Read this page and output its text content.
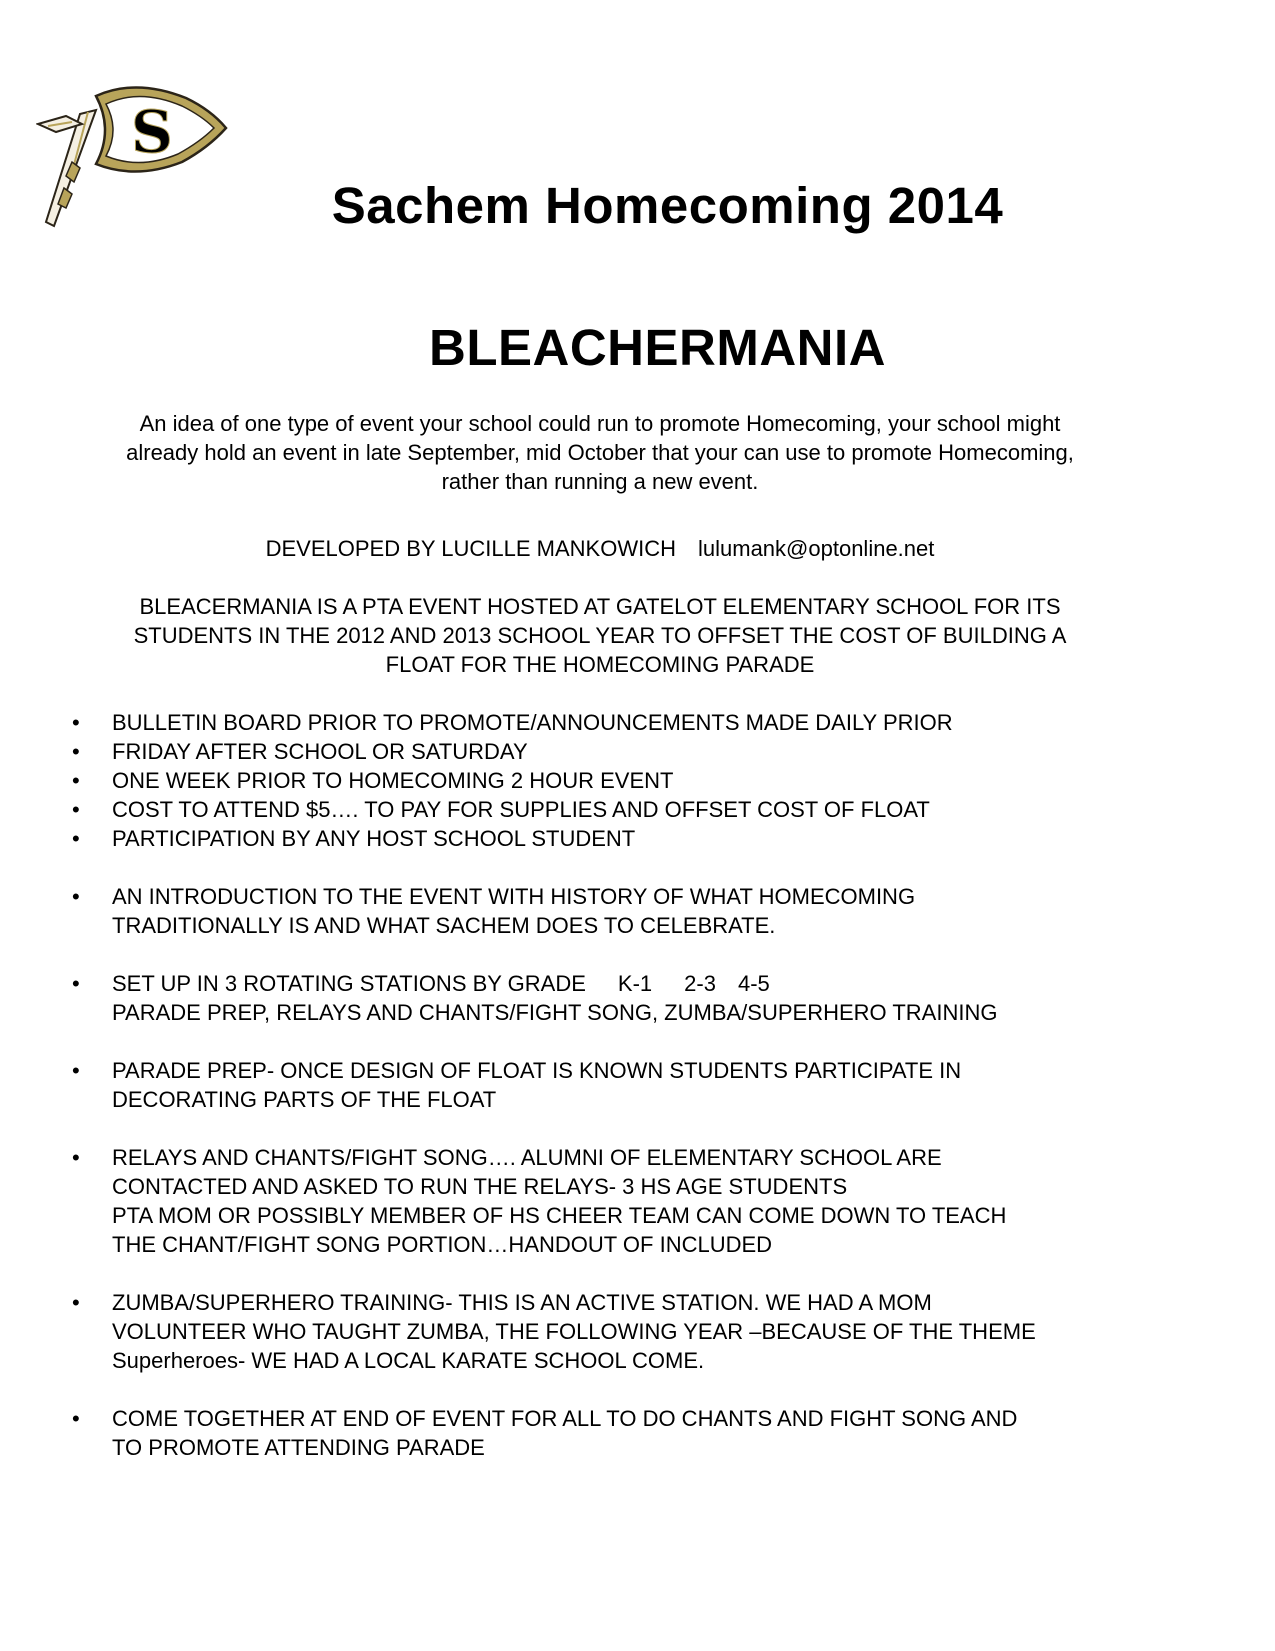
S
Sachem Homecoming 2014
BLEACHERMANIA

An idea of one type of event your school could run to promote Homecoming, your school might
already hold an event in late September, mid October that your can use to promote Homecoming,
rather than running a new event.

DEVELOPED BY LUCILLE MANKOWICH lulumank@optonline.net

BLEACERMANIA IS A PTA EVENT HOSTED AT GATELOT ELEMENTARY SCHOOL FOR ITS
STUDENTS IN THE 2012 AND 2013 SCHOOL YEAR TO OFFSET THE COST OF BUILDING A
FLOAT FOR THE HOMECOMING PARADE

• BULLETIN BOARD PRIOR TO PROMOTE/ANNOUNCEMENTS MADE DAILY PRIOR
• FRIDAY AFTER SCHOOL OR SATURDAY
• ONE WEEK PRIOR TO HOMECOMING 2 HOUR EVENT
• COST TO ATTEND $5…. TO PAY FOR SUPPLIES AND OFFSET COST OF FLOAT
• PARTICIPATION BY ANY HOST SCHOOL STUDENT
• AN INTRODUCTION TO THE EVENT WITH HISTORY OF WHAT HOMECOMING
TRADITIONALLY IS AND WHAT SACHEM DOES TO CELEBRATE.
• SET UP IN 3 ROTATING STATIONS BY GRADE K-1 2-3 4-5
PARADE PREP, RELAYS AND CHANTS/FIGHT SONG, ZUMBA/SUPERHERO TRAINING
• PARADE PREP- ONCE DESIGN OF FLOAT IS KNOWN STUDENTS PARTICIPATE IN
DECORATING PARTS OF THE FLOAT
• RELAYS AND CHANTS/FIGHT SONG…. ALUMNI OF ELEMENTARY SCHOOL ARE
CONTACTED AND ASKED TO RUN THE RELAYS- 3 HS AGE STUDENTS
PTA MOM OR POSSIBLY MEMBER OF HS CHEER TEAM CAN COME DOWN TO TEACH
THE CHANT/FIGHT SONG PORTION…HANDOUT OF INCLUDED
• ZUMBA/SUPERHERO TRAINING- THIS IS AN ACTIVE STATION. WE HAD A MOM
VOLUNTEER WHO TAUGHT ZUMBA, THE FOLLOWING YEAR –BECAUSE OF THE THEME
Superheroes- WE HAD A LOCAL KARATE SCHOOL COME.
• COME TOGETHER AT END OF EVENT FOR ALL TO DO CHANTS AND FIGHT SONG AND
TO PROMOTE ATTENDING PARADE
